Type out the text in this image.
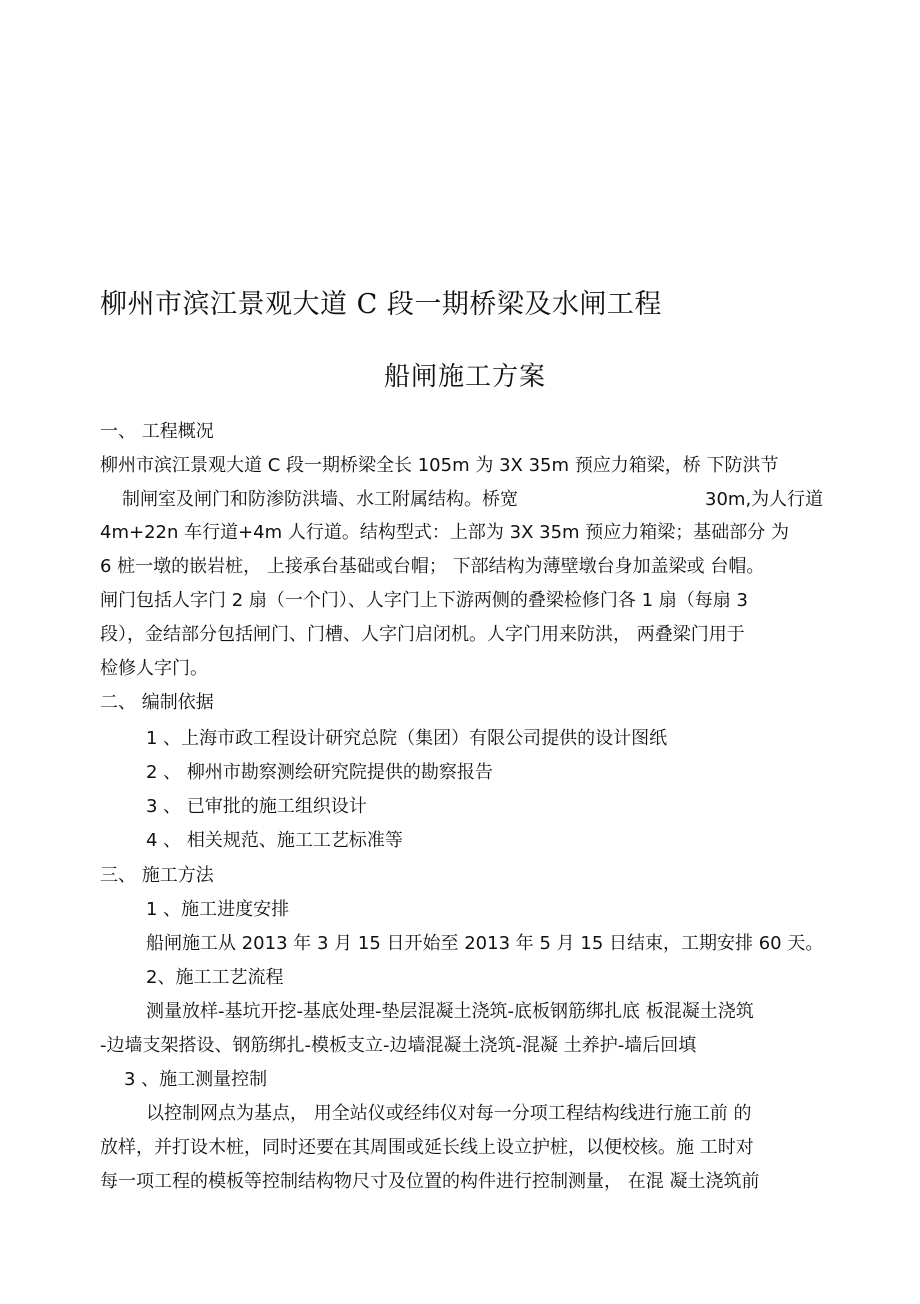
柳州市滨江景观大道 C 段一期桥梁及水闸工程
船闸施工方案
一、 工程概况
柳州市滨江景观大道 C 段一期桥梁全长 105m 为 3X 35m 预应力箱梁，桥 下防洪节
制闸室及闸门和防渗防洪墙、水工附属结构。桥宽	30m,为人行道
4m+22n 车行道+4m 人行道。结构型式：上部为 3X 35m 预应力箱梁；基础部分 为
6 桩一墩的嵌岩桩， 上接承台基础或台帽； 下部结构为薄壁墩台身加盖梁或 台帽。
闸门包括人字门 2 扇（一个门）、人字门上下游两侧的叠梁检修门各 1 扇（每扇 3
段），金结部分包括闸门、门槽、人字门启闭机。人字门用来防洪， 两叠梁门用于
检修人字门。
二、 编制依据
1 、上海市政工程设计研究总院（集团）有限公司提供的设计图纸
2 、 柳州市勘察测绘研究院提供的勘察报告
3 、 已审批的施工组织设计
4 、 相关规范、施工工艺标准等
三、 施工方法
1 、施工进度安排
船闸施工从 2013 年 3 月 15 日开始至 2013 年 5 月 15 日结束，工期安排 60 天。
2、施工工艺流程
测量放样-基坑开挖-基底处理-垫层混凝土浇筑-底板钢筋绑扎底 板混凝土浇筑
-边墙支架搭设、钢筋绑扎-模板支立-边墙混凝土浇筑-混凝 土养护-墙后回填
3 、施工测量控制
以控制网点为基点， 用全站仪或经纬仪对每一分项工程结构线进行施工前 的
放样，并打设木桩，同时还要在其周围或延长线上设立护桩，以便校核。施 工时对
每一项工程的模板等控制结构物尺寸及位置的构件进行控制测量， 在混 凝土浇筑前
